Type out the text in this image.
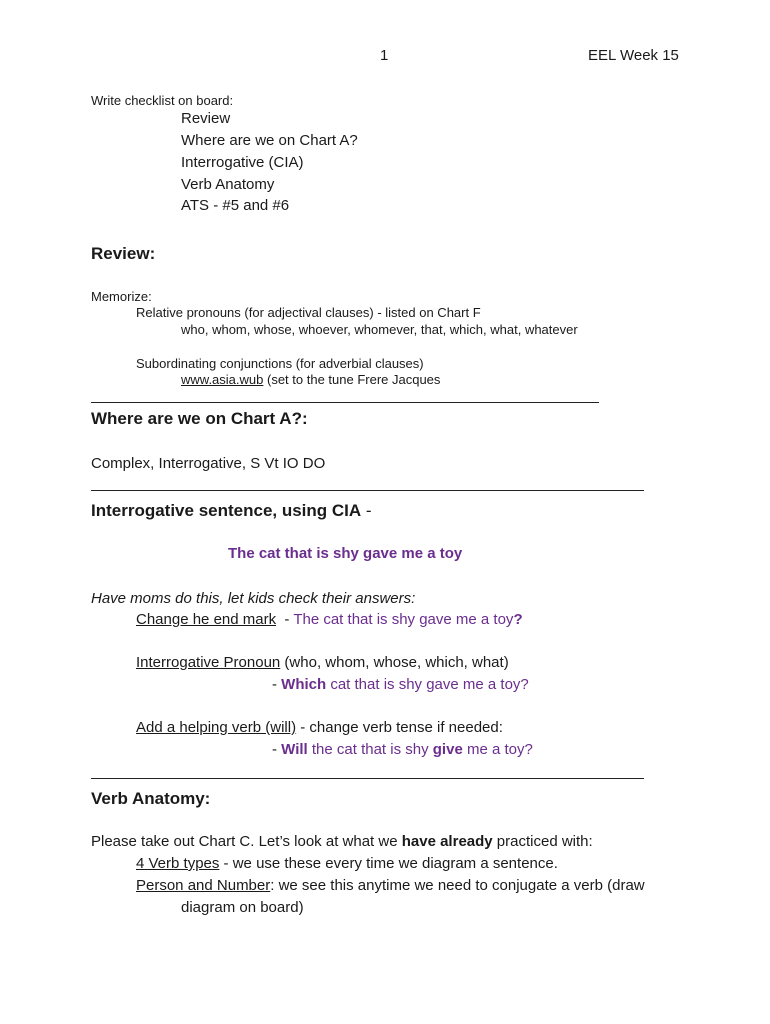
1	EEL Week 15
Write checklist on board:
Review
Where are we on Chart A?
Interrogative (CIA)
Verb Anatomy
ATS - #5 and #6
Review:
Memorize:
Relative pronouns (for adjectival clauses) - listed on Chart F
who, whom, whose, whoever, whomever, that, which, what, whatever
Subordinating conjunctions (for adverbial clauses)
www.asia.wub (set to the tune Frere Jacques
Where are we on Chart A?:
Complex, Interrogative, S Vt IO DO
Interrogative sentence, using CIA -
The cat that is shy gave me a toy
Have moms do this, let kids check their answers:
Change he end mark  - The cat that is shy gave me a toy?
Interrogative Pronoun (who, whom, whose, which, what)
- Which cat that is shy gave me a toy?
Add a helping verb (will) - change verb tense if needed:
- Will the cat that is shy give me a toy?
Verb Anatomy:
Please take out Chart C. Let’s look at what we have already practiced with:
4 Verb types - we use these every time we diagram a sentence.
Person and Number: we see this anytime we need to conjugate a verb (draw
diagram on board)
